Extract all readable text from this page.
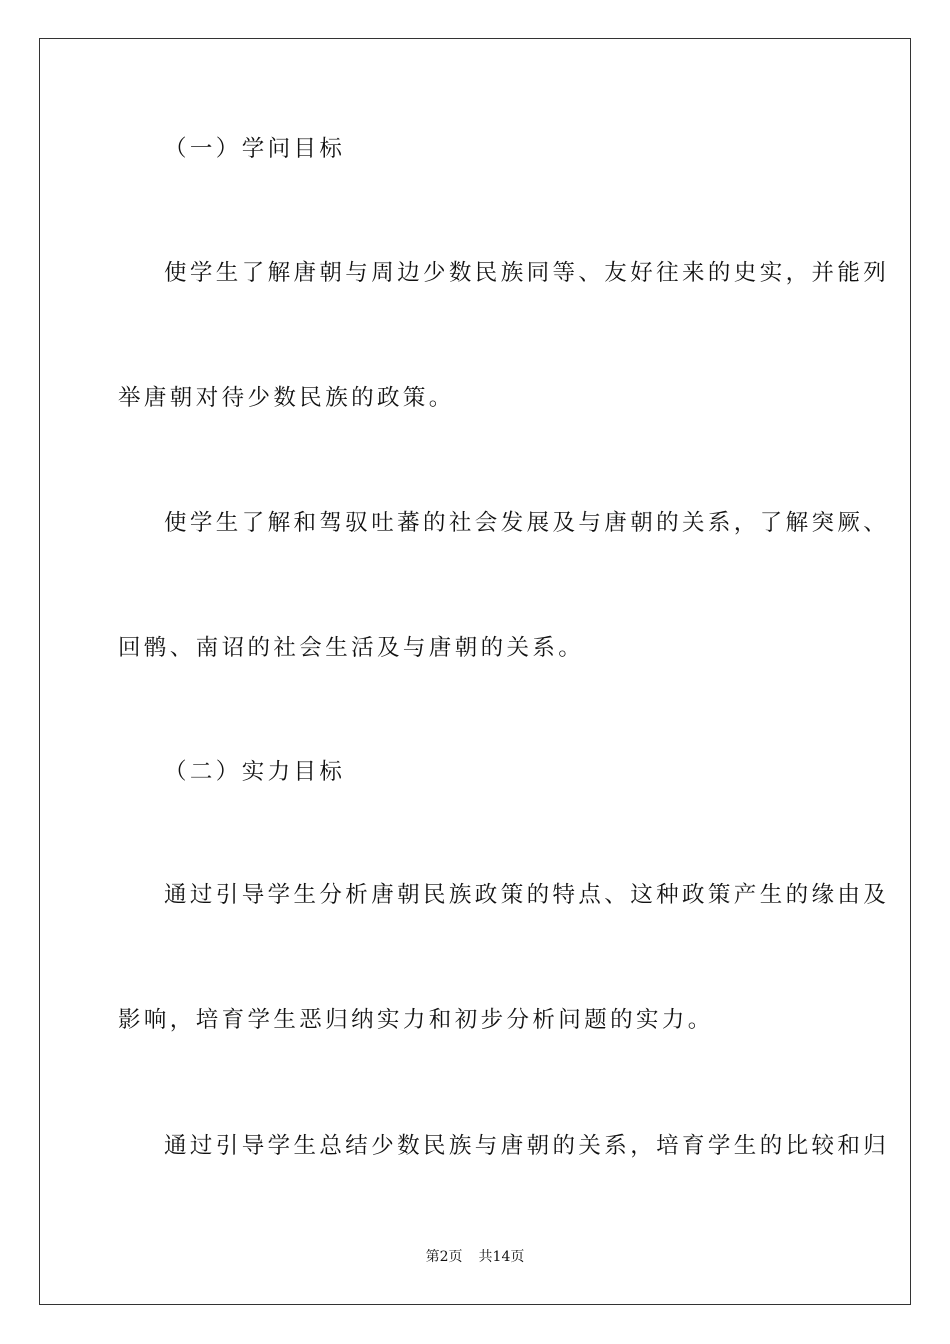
（一）学问目标
使学生了解唐朝与周边少数民族同等、友好往来的史实，并能列
举唐朝对待少数民族的政策。
使学生了解和驾驭吐蕃的社会发展及与唐朝的关系，了解突厥、
回鹘、南诏的社会生活及与唐朝的关系。
（二）实力目标
通过引导学生分析唐朝民族政策的特点、这种政策产生的缘由及
影响，培育学生恶归纳实力和初步分析问题的实力。
通过引导学生总结少数民族与唐朝的关系，培育学生的比较和归
第2页 共14页
